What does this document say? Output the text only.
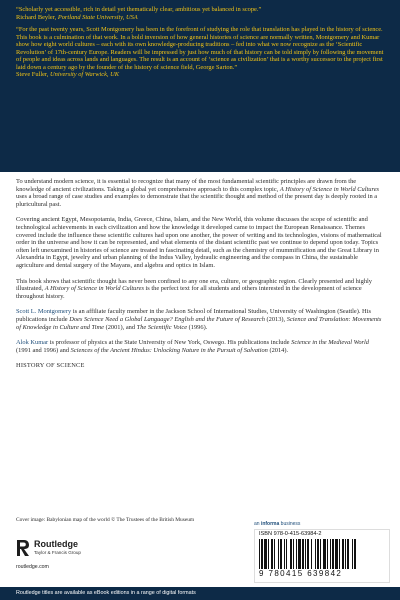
“Scholarly yet accessible, rich in detail yet thematically clear, ambitious yet balanced in scope.”

Richard Beyler, Portland State University, USA

“For the past twenty years, Scott Montgomery has been in the forefront of studying the role that translation has played in the history of science. This book is a culmination of that work. In a bold inversion of how general histories of science are normally written, Montgomery and Kumar show how eight world cultures – each with its own knowledge-producing traditions – fed into what we now recognize as the ‘Scientific Revolution’ of 17th-century Europe. Readers will be impressed by just how much of that history can be told simply by following the movement of people and ideas across lands and languages. The result is an account of ‘science as civilization’ that is a worthy successor to the project first laid down a century ago by the founder of the history of science field, George Sarton.”

Steve Fuller, University of Warwick, UK

To understand modern science, it is essential to recognize that many of the most fundamental scientific principles are drawn from the knowledge of ancient civilizations. Taking a global yet comprehensive approach to this complex topic, A History of Science in World Cultures uses a broad range of case studies and examples to demonstrate that the scientific thought and method of the present day is deeply rooted in a pluricultural past.

Covering ancient Egypt, Mesopotamia, India, Greece, China, Islam, and the New World, this volume discusses the scope of scientific and technological achievements in each civilization and how the knowledge it developed came to impact the European Renaissance. Themes covered include the influence these scientific cultures had upon one another, the power of writing and its technologies, visions of mathematical order in the universe and how it can be represented, and what elements of the distant scientific past we continue to depend upon today. Topics often left unexamined in histories of science are treated in fascinating detail, such as the chemistry of mummification and the Great Library in Alexandria in Egypt, jewelry and urban planning of the Indus Valley, hydraulic engineering and the compass in China, the sustainable agriculture and dental surgery of the Mayans, and algebra and optics in Islam.

This book shows that scientific thought has never been confined to any one era, culture, or geographic region. Clearly presented and highly illustrated, A History of Science in World Cultures is the perfect text for all students and others interested in the development of science throughout history.

Scott L. Montgomery is an affiliate faculty member in the Jackson School of International Studies, University of Washington (Seattle). His publications include Does Science Need a Global Language? English and the Future of Research (2013), Science and Translation: Movements of Knowledge in Culture and Time (2001), and The Scientific Voice (1996).

Alok Kumar is professor of physics at the State University of New York, Oswego. His publications include Science in the Medieval World (1991 and 1996) and Sciences of the Ancient Hindus: Unlocking Nature in the Pursuit of Salvation (2014).

HISTORY OF SCIENCE

Cover image: Babylonian map of the world © The Trustees of the British Museum
Routledge
Taylor & Francis Group
routledge.com
an informa business
ISBN 978-0-415-63984-2
9 780415 639842
Routledge titles are available as eBook editions in a range of digital formats
